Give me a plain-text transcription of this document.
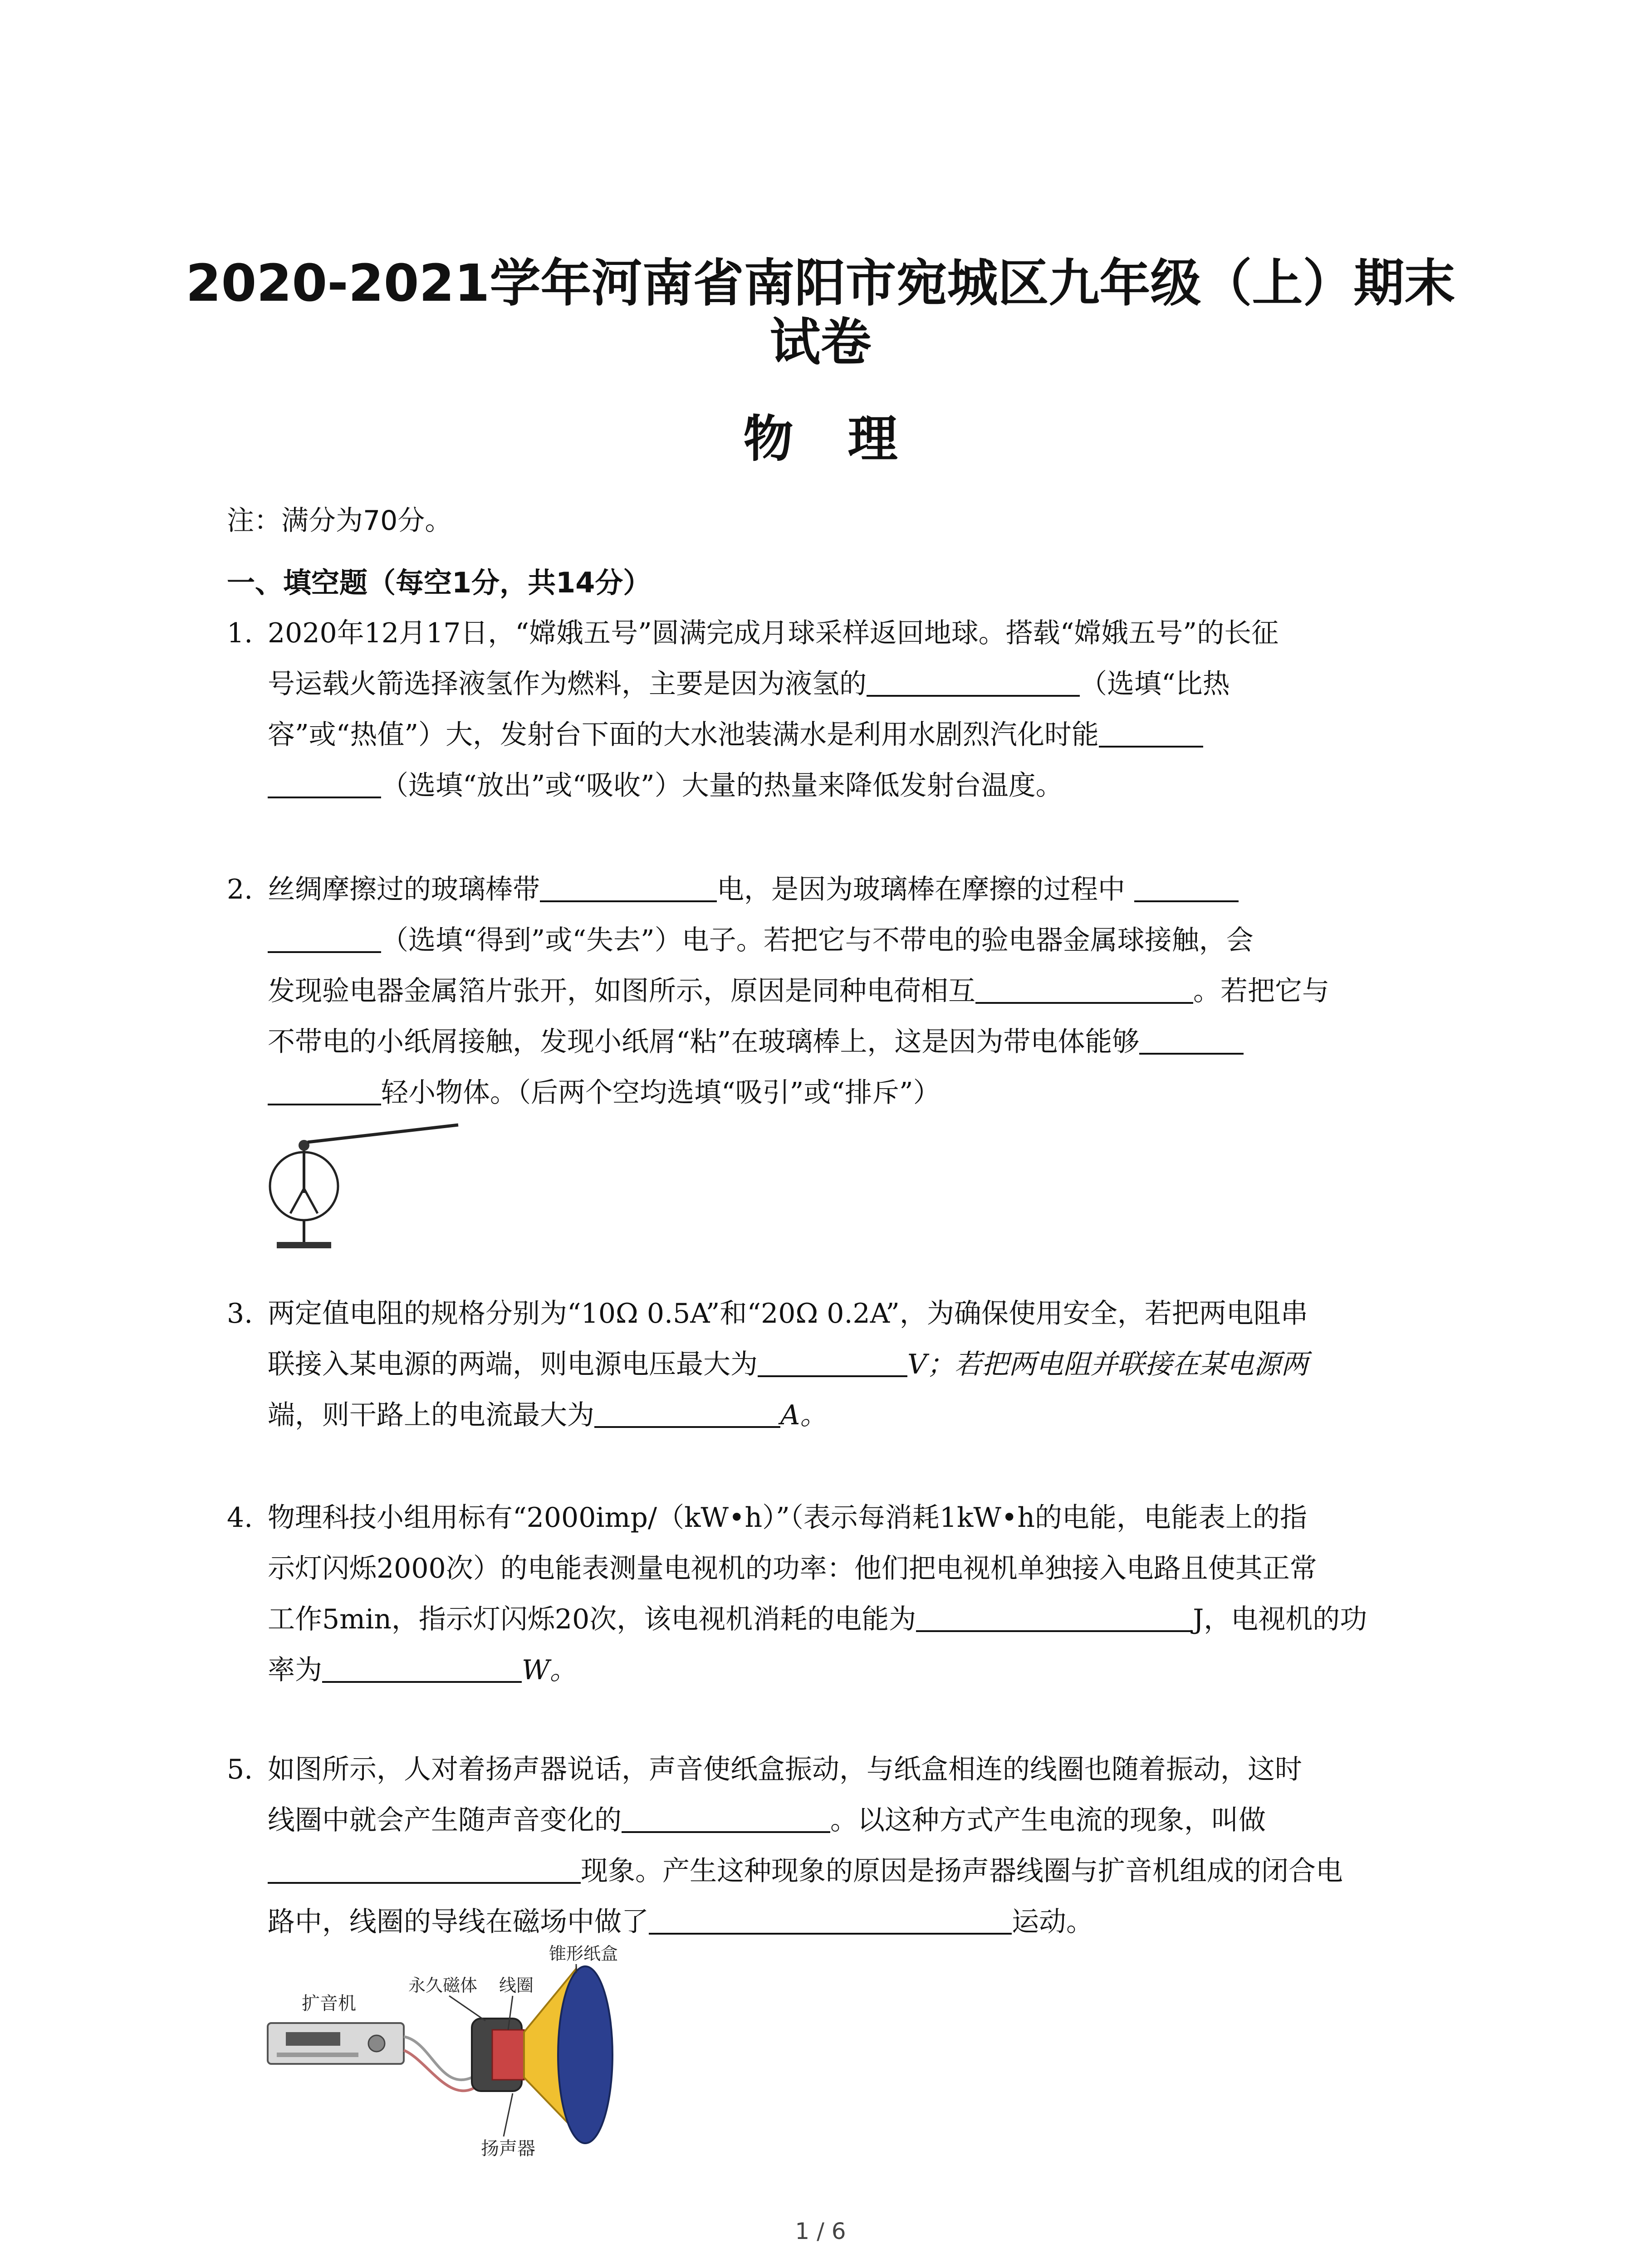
2020-2021学年河南省南阳市宛城区九年级（上）期末
试卷
物理
注：满分为70分。
一、填空题（每空1分，共14分）
1. 2020年12月17日，“嫦娥五号”圆满完成月球采样返回地球。搭载“嫦娥五号”的长征
号运载火箭选择液氢作为燃料，主要是因为液氢的	（选填“比热
容”或“热值”）大，发射台下面的大水池装满水是利用水剧烈汽化时能
（选填“放出”或“吸收”）大量的热量来降低发射台温度。
2. 丝绸摩擦过的玻璃棒带	电，是因为玻璃棒在摩擦的过程中
（选填“得到”或“失去”）电子。若把它与不带电的验电器金属球接触，会
发现验电器金属箔片张开，如图所示，原因是同种电荷相互	。若把它与
不带电的小纸屑接触，发现小纸屑“粘”在玻璃棒上，这是因为带电体能够
轻小物体。（后两个空均选填“吸引”或“排斥”）
3. 两定值电阻的规格分别为“10Ω 0.5A”和“20Ω 0.2A”，为确保使用安全，若把两电阻串
联接入某电源的两端，则电源电压最大为	V；若把两电阻并联接在某电源两
端，则干路上的电流最大为	A。
4. 物理科技小组用标有“2000imp/（kW•h）”（表示每消耗1kW•h的电能，电能表上的指
示灯闪烁2000次）的电能表测量电视机的功率：他们把电视机单独接入电路且使其正常
工作5min，指示灯闪烁20次，该电视机消耗的电能为	J，电视机的功
率为	W。
5. 如图所示，人对着扬声器说话，声音使纸盒振动，与纸盒相连的线圈也随着振动，这时
线圈中就会产生随声音变化的	。以这种方式产生电流的现象，叫做
现象。产生这种现象的原因是扬声器线圈与扩音机组成的闭合电
路中，线圈的导线在磁场中做了	运动。
扩音机
永久磁体 线圈
锥形纸盒
扬声器
1 / 6
